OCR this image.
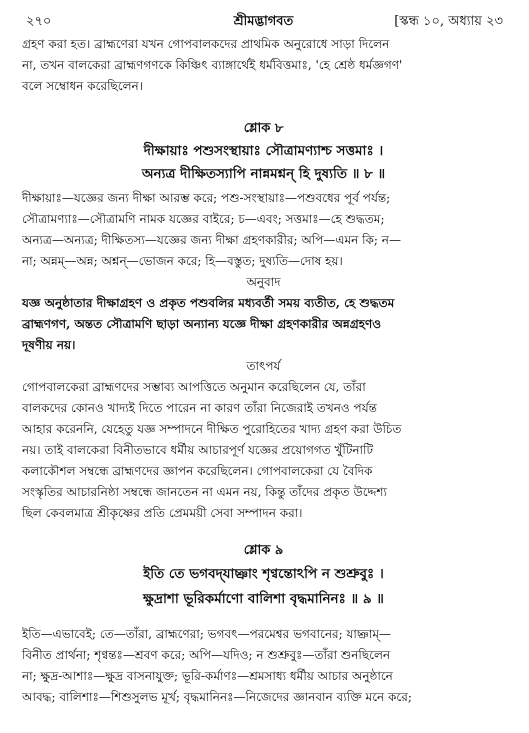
২৭০	শ্রীমদ্ভাগবত	[স্কন্ধ ১০, অধ্যায় ২৩
গ্রহণ করা হত। ব্রাহ্মণেরা যখন গোপবালকদের প্রাথমিক অনুরোধে সাড়া দিলেন
না, তখন বালকেরা ব্রাহ্মণগণকে কিঞ্চিৎ ব্যাঙ্গার্থেই ধর্মবিত্তমাঃ, 'হে শ্রেষ্ঠ ধর্মজ্ঞগণ'
বলে সম্বোধন করেছিলেন।
শ্লোক ৮
দীক্ষায়াঃ পশুসংস্থায়াঃ সৌত্রামণ্যাশ্চ সত্তমাঃ ।
অন্যত্র দীক্ষিতস্যাপি নান্নমশ্নন্‌ হি দুষ্যতি ॥ ৮ ॥
দীক্ষায়াঃ—যজ্ঞের জন্য দীক্ষা আরম্ভ করে; পশু-সংস্থায়াঃ—পশুবধের পূর্ব পর্যন্ত;
সৌত্রামণ্যাঃ—সৌত্রামণি নামক যজ্ঞের বাইরে; চ—এবং; সত্তমাঃ—হে শুদ্ধতম;
অন্যত্র—অন্যত্র; দীক্ষিতস্য—যজ্ঞের জন্য দীক্ষা গ্রহণকারীর; অপি—এমন কি; ন—
না; অন্নম্‌—অন্ন; অশ্নন্‌—ভোজন করে; হি—বস্তুত; দুষ্যতি—দোষ হয়।
অনুবাদ
যজ্ঞ অনুষ্ঠাতার দীক্ষাগ্রহণ ও প্রকৃত পশুবলির মধ্যবর্তী সময় ব্যতীত, হে শুদ্ধতম
ব্রাহ্মণগণ, অন্তত সৌত্রামণি ছাড়া অন্যান্য যজ্ঞে দীক্ষা গ্রহণকারীর অন্নগ্রহণও
দূষণীয় নয়।
তাৎপর্য
গোপবালকেরা ব্রাহ্মণদের সম্ভাব্য আপত্তিতে অনুমান করেছিলেন যে, তাঁরা
বালকদের কোনও খাদ্যই দিতে পারেন না কারণ তাঁরা নিজেরাই তখনও পর্যন্ত
আহার করেননি, যেহেতু যজ্ঞ সম্পাদনে দীক্ষিত পুরোহিতের খাদ্য গ্রহণ করা উচিত
নয়। তাই বালকেরা বিনীতভাবে ধর্মীয় আচারপূর্ণ যজ্ঞের প্রয়োগগত খুঁটিনাটি
কলাকৌশল সম্বন্ধে ব্রাহ্মণদের জ্ঞাপন করেছিলেন। গোপবালকেরা যে বৈদিক
সংস্কৃতির আচারনিষ্ঠা সম্বন্ধে জানতেন না এমন নয়, কিন্তু তাঁদের প্রকৃত উদ্দেশ্য
ছিল কেবলমাত্র শ্রীকৃষ্ণের প্রতি প্রেমময়ী সেবা সম্পাদন করা।
শ্লোক ৯
ইতি তে ভগবদ্‌যাচ্ঞাং শৃণ্বন্তোঽপি ন শুশ্রুবুঃ ।
ক্ষুদ্রাশা ভূরিকর্মাণো বালিশা বৃদ্ধমানিনঃ ॥ ৯ ॥
ইতি—এভাবেই; তে—তাঁরা, ব্রাহ্মণেরা; ভগবৎ—পরমেশ্বর ভগবানের; যাচ্ঞাম্‌—
বিনীত প্রার্থনা; শৃণ্বন্তঃ—শ্রবণ করে; অপি—যদিও; ন শুশ্রুবুঃ—তাঁরা শুনছিলেন
না; ক্ষুদ্র-আশাঃ—ক্ষুদ্র বাসনাযুক্ত; ভূরি-কর্মাণঃ—শ্রমসাধ্য ধর্মীয় আচার অনুষ্ঠানে
আবদ্ধ; বালিশাঃ—শিশুসুলভ মূর্খ; বৃদ্ধমানিনঃ—নিজেদের জ্ঞানবান ব্যক্তি মনে করে;
